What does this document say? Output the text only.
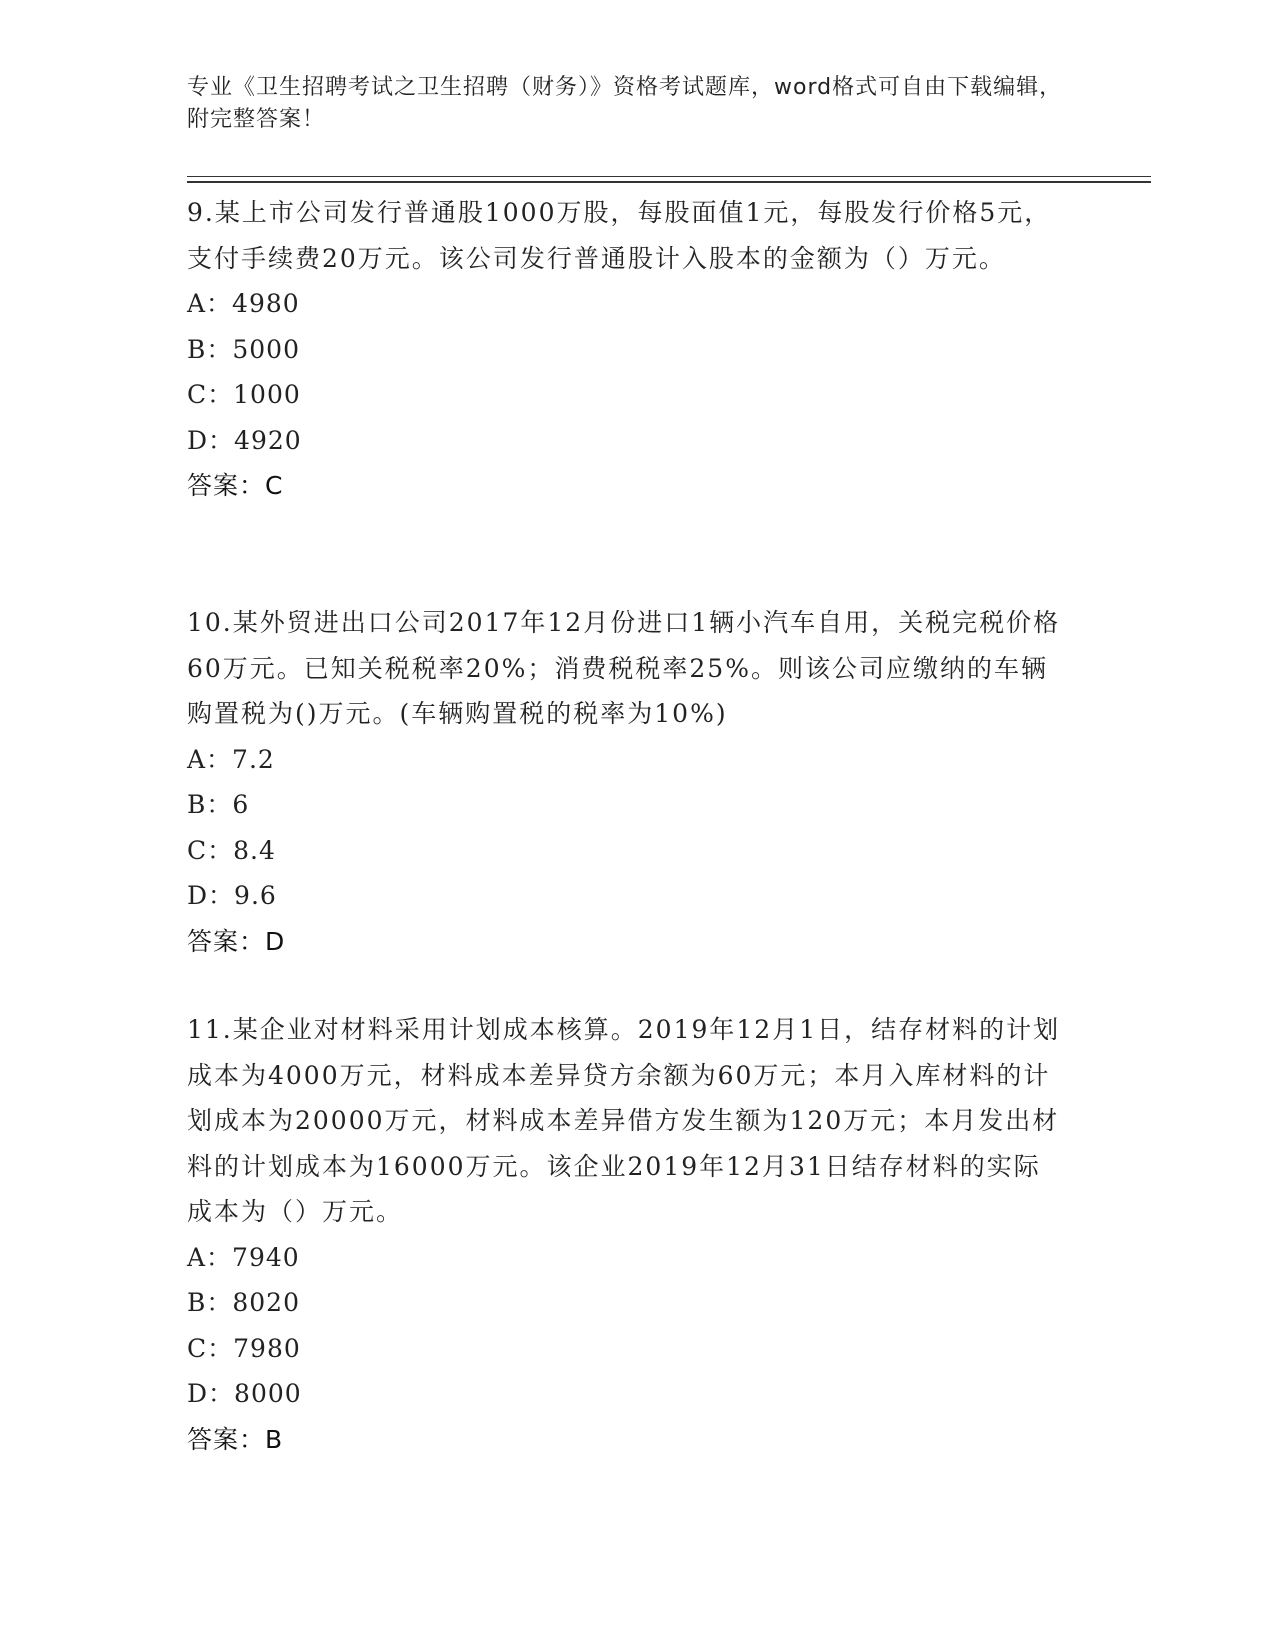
专业《卫生招聘考试之卫生招聘（财务）》资格考试题库，word格式可自由下载编辑，附完整答案！

9.某上市公司发行普通股1000万股，每股面值1元，每股发行价格5元，支付手续费20万元。该公司发行普通股计入股本的金额为（）万元。

A：4980

B：5000

C：1000

D：4920

答案：C

10.某外贸进出口公司2017年12月份进口1辆小汽车自用，关税完税价格60万元。已知关税税率20%；消费税税率25%。则该公司应缴纳的车辆购置税为()万元。(车辆购置税的税率为10%)

A：7.2

B：6

C：8.4

D：9.6

答案：D

11.某企业对材料采用计划成本核算。2019年12月1日，结存材料的计划成本为4000万元，材料成本差异贷方余额为60万元；本月入库材料的计划成本为20000万元，材料成本差异借方发生额为120万元；本月发出材料的计划成本为16000万元。该企业2019年12月31日结存材料的实际成本为（）万元。

A：7940

B：8020

C：7980

D：8000

答案：B
